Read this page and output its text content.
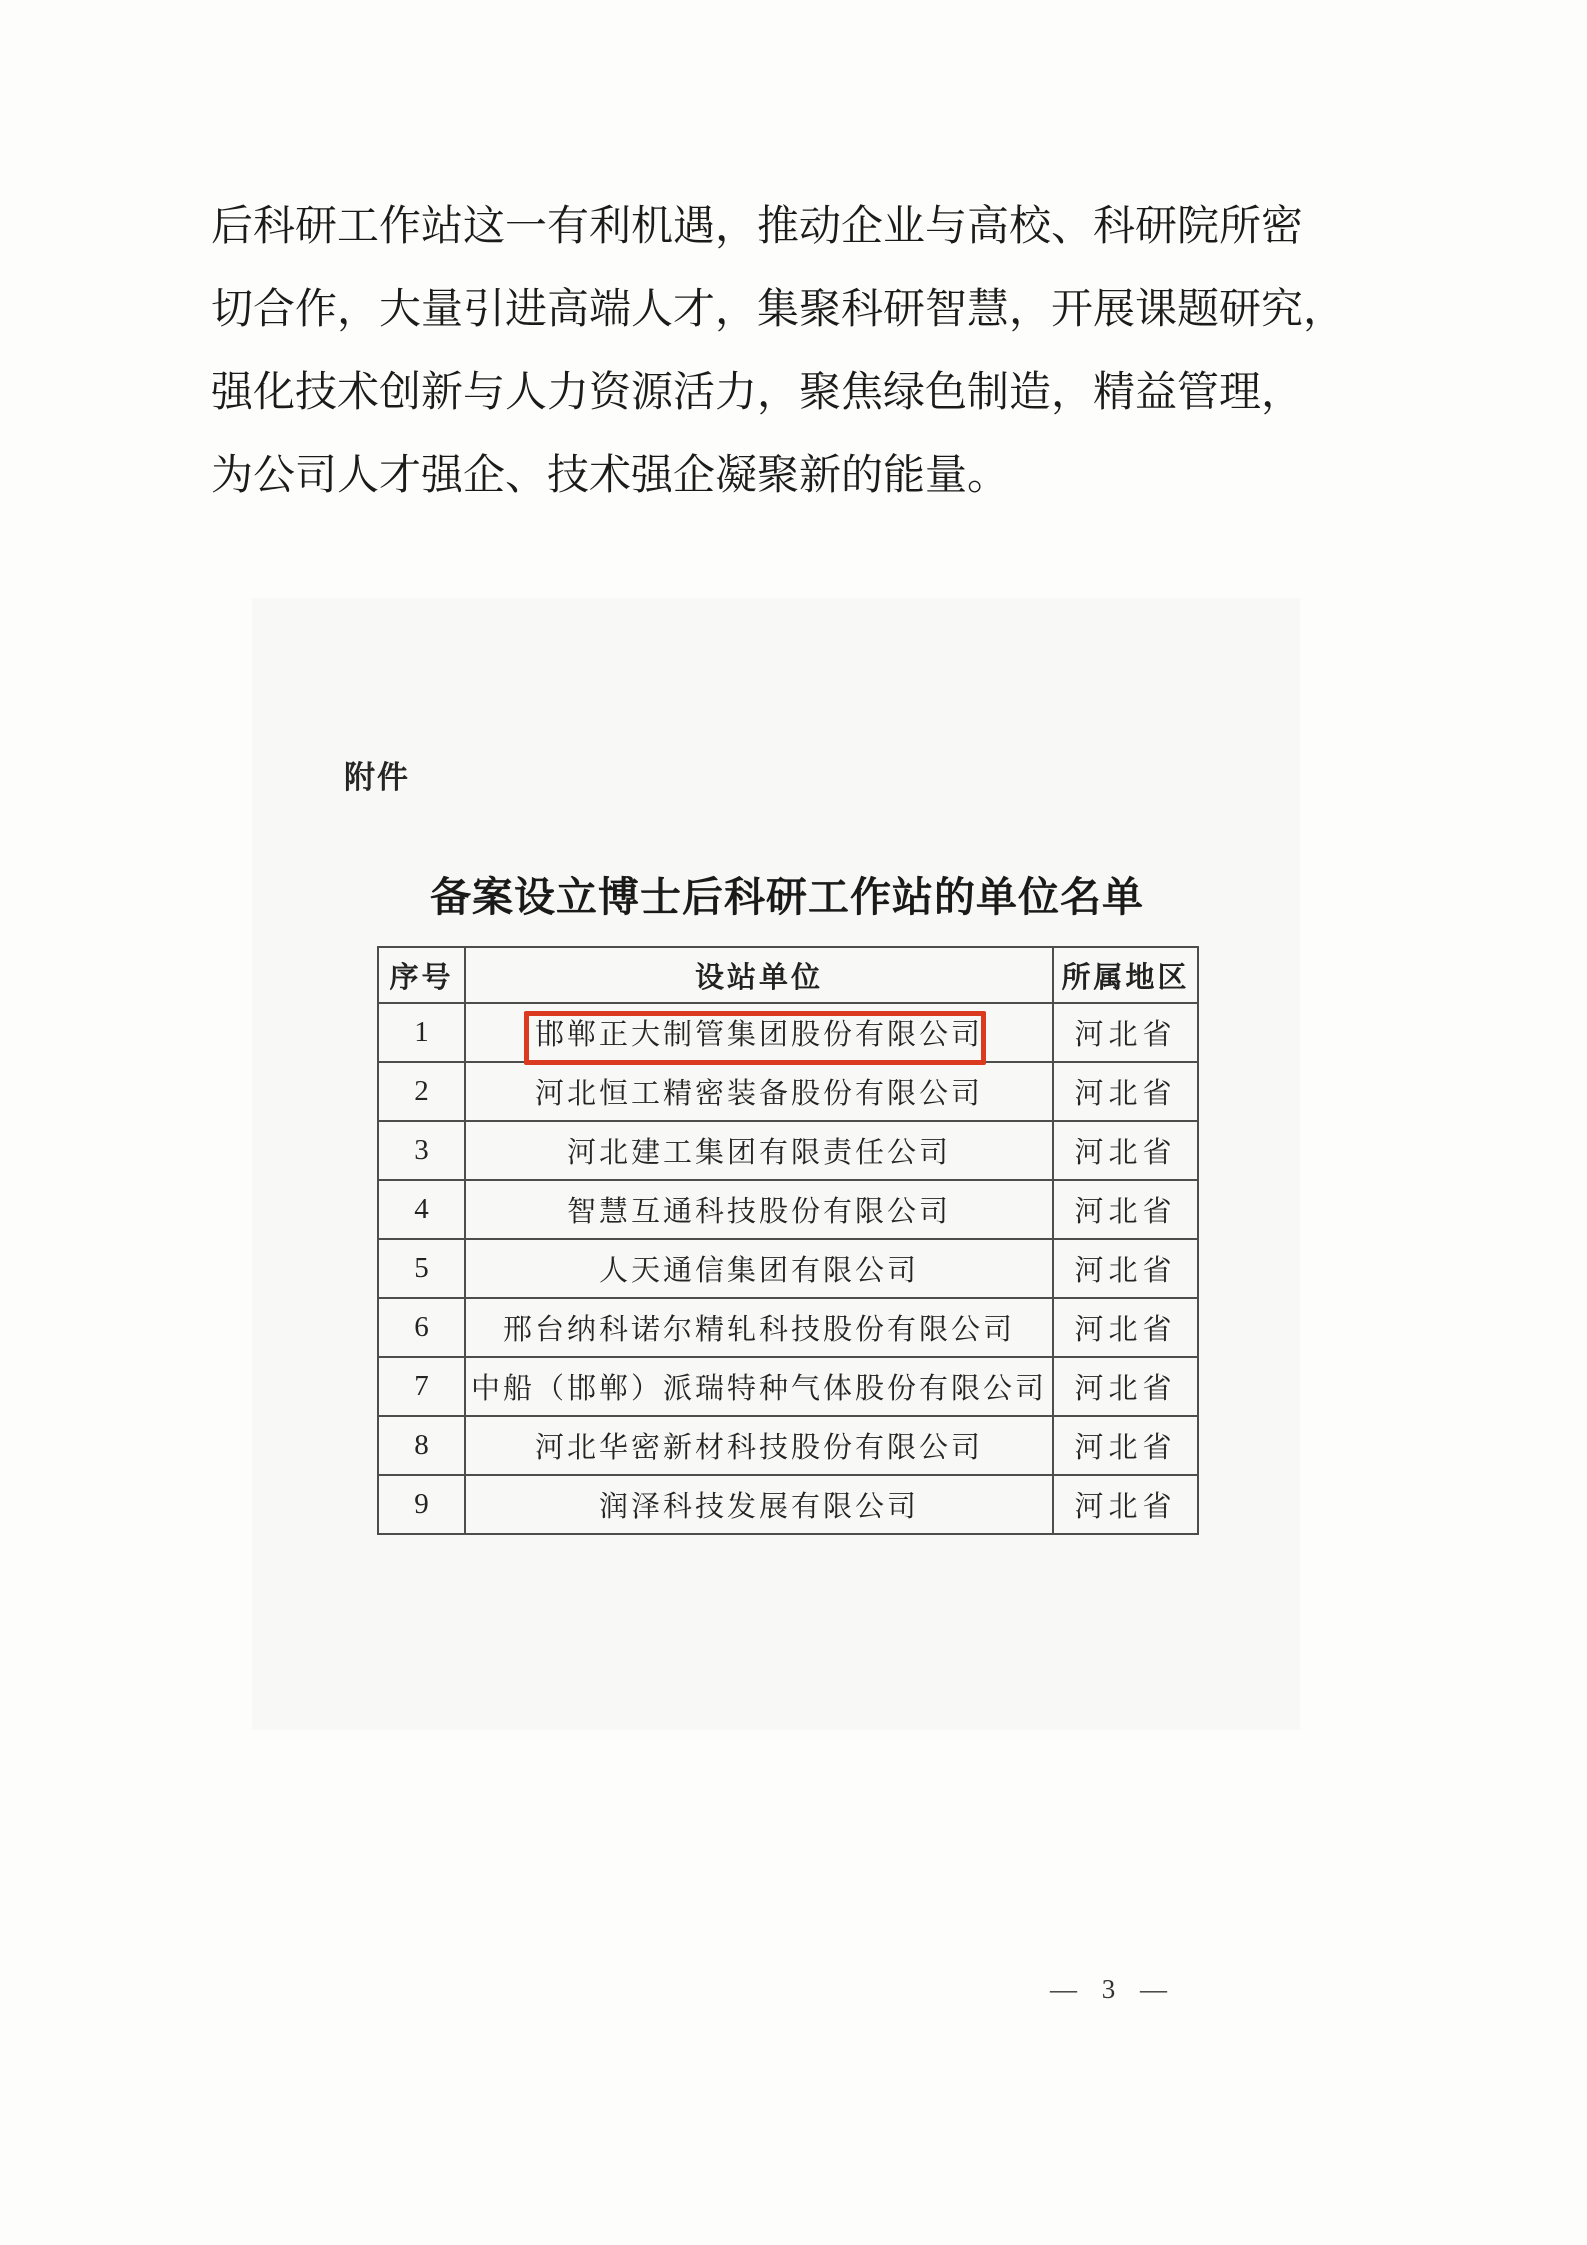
后科研工作站这一有利机遇，推动企业与高校、科研院所密
切合作，大量引进高端人才，集聚科研智慧，开展课题研究，
强化技术创新与人力资源活力，聚焦绿色制造，精益管理，
为公司人才强企、技术强企凝聚新的能量。
附件
备案设立博士后科研工作站的单位名单
序号	设站单位	所属地区
1	邯郸正大制管集团股份有限公司	河北省
2	河北恒工精密装备股份有限公司	河北省
3	河北建工集团有限责任公司	河北省
4	智慧互通科技股份有限公司	河北省
5	人天通信集团有限公司	河北省
6	邢台纳科诺尔精轧科技股份有限公司	河北省
7	中船（邯郸）派瑞特种气体股份有限公司	河北省
8	河北华密新材科技股份有限公司	河北省
9	润泽科技发展有限公司	河北省
— 3 —
